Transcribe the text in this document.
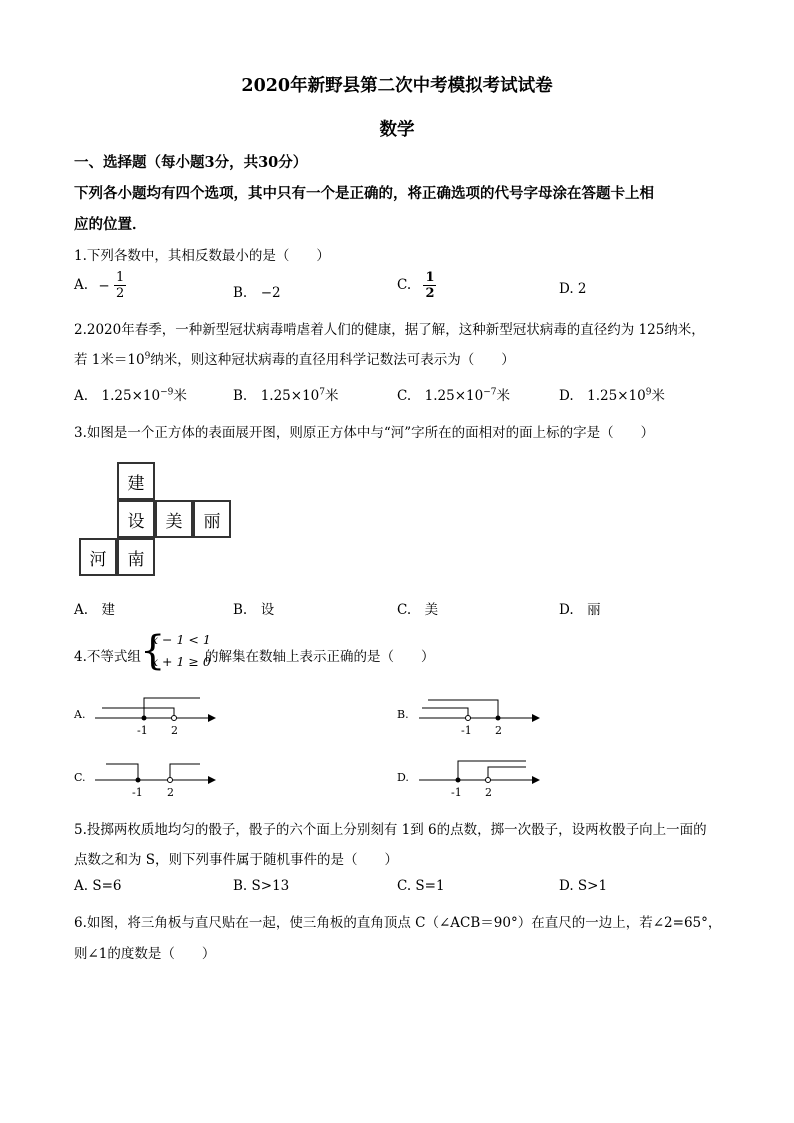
2020年新野县第二次中考模拟考试试卷
数学
一、选择题（每小题3分，共30分）
下列各小题均有四个选项，其中只有一个是正确的，将正确选项的代号字母涂在答题卡上相
应的位置．
1.下列各数中，其相反数最小的是（　　）
A. − $\frac{1}{2}$	B.　−2	C. $\frac{1}{2}$	D. 2
2.2020年春季，一种新型冠状病毒啃虐着人们的健康，据了解，这种新型冠状病毒的直径约为 125纳米，
若 1米$=10^9$纳米，则这种冠状病毒的直径用科学记数法可表示为（　　）
A.　$1.25\times 10^{-9}$米	B.　$1.25\times 10^7$米	C.　$1.25\times 10^{-7}$米	D.　$1.25\times 10^9$米
3.如图是一个正方体的表面展开图，则原正方体中与“河”字所在的面相对的面上标的字是（　　）
建
设	美	丽
河	南
A.　建	B.　设	C.　美	D.　丽
4.不等式组 {
x − 1 < 1
x + 1 ≥ 0
的解集在数轴上表示正确的是（　　）
A.
-1 2
B.
-1 2
C.
-1 2
D.
-1 2
5.投掷两枚质地均匀的骰子，骰子的六个面上分别刻有 1到 6的点数，掷一次骰子，设两枚骰子向上一面的
点数之和为 S，则下列事件属于随机事件的是（　　）
A. S=6	B. S>13	C. S=1	D. S>1
6.如图，将三角板与直尺贴在一起，使三角板的直角顶点 C（∠ACB＝90°）在直尺的一边上，若∠2=65°，
则∠1的度数是（　　）
